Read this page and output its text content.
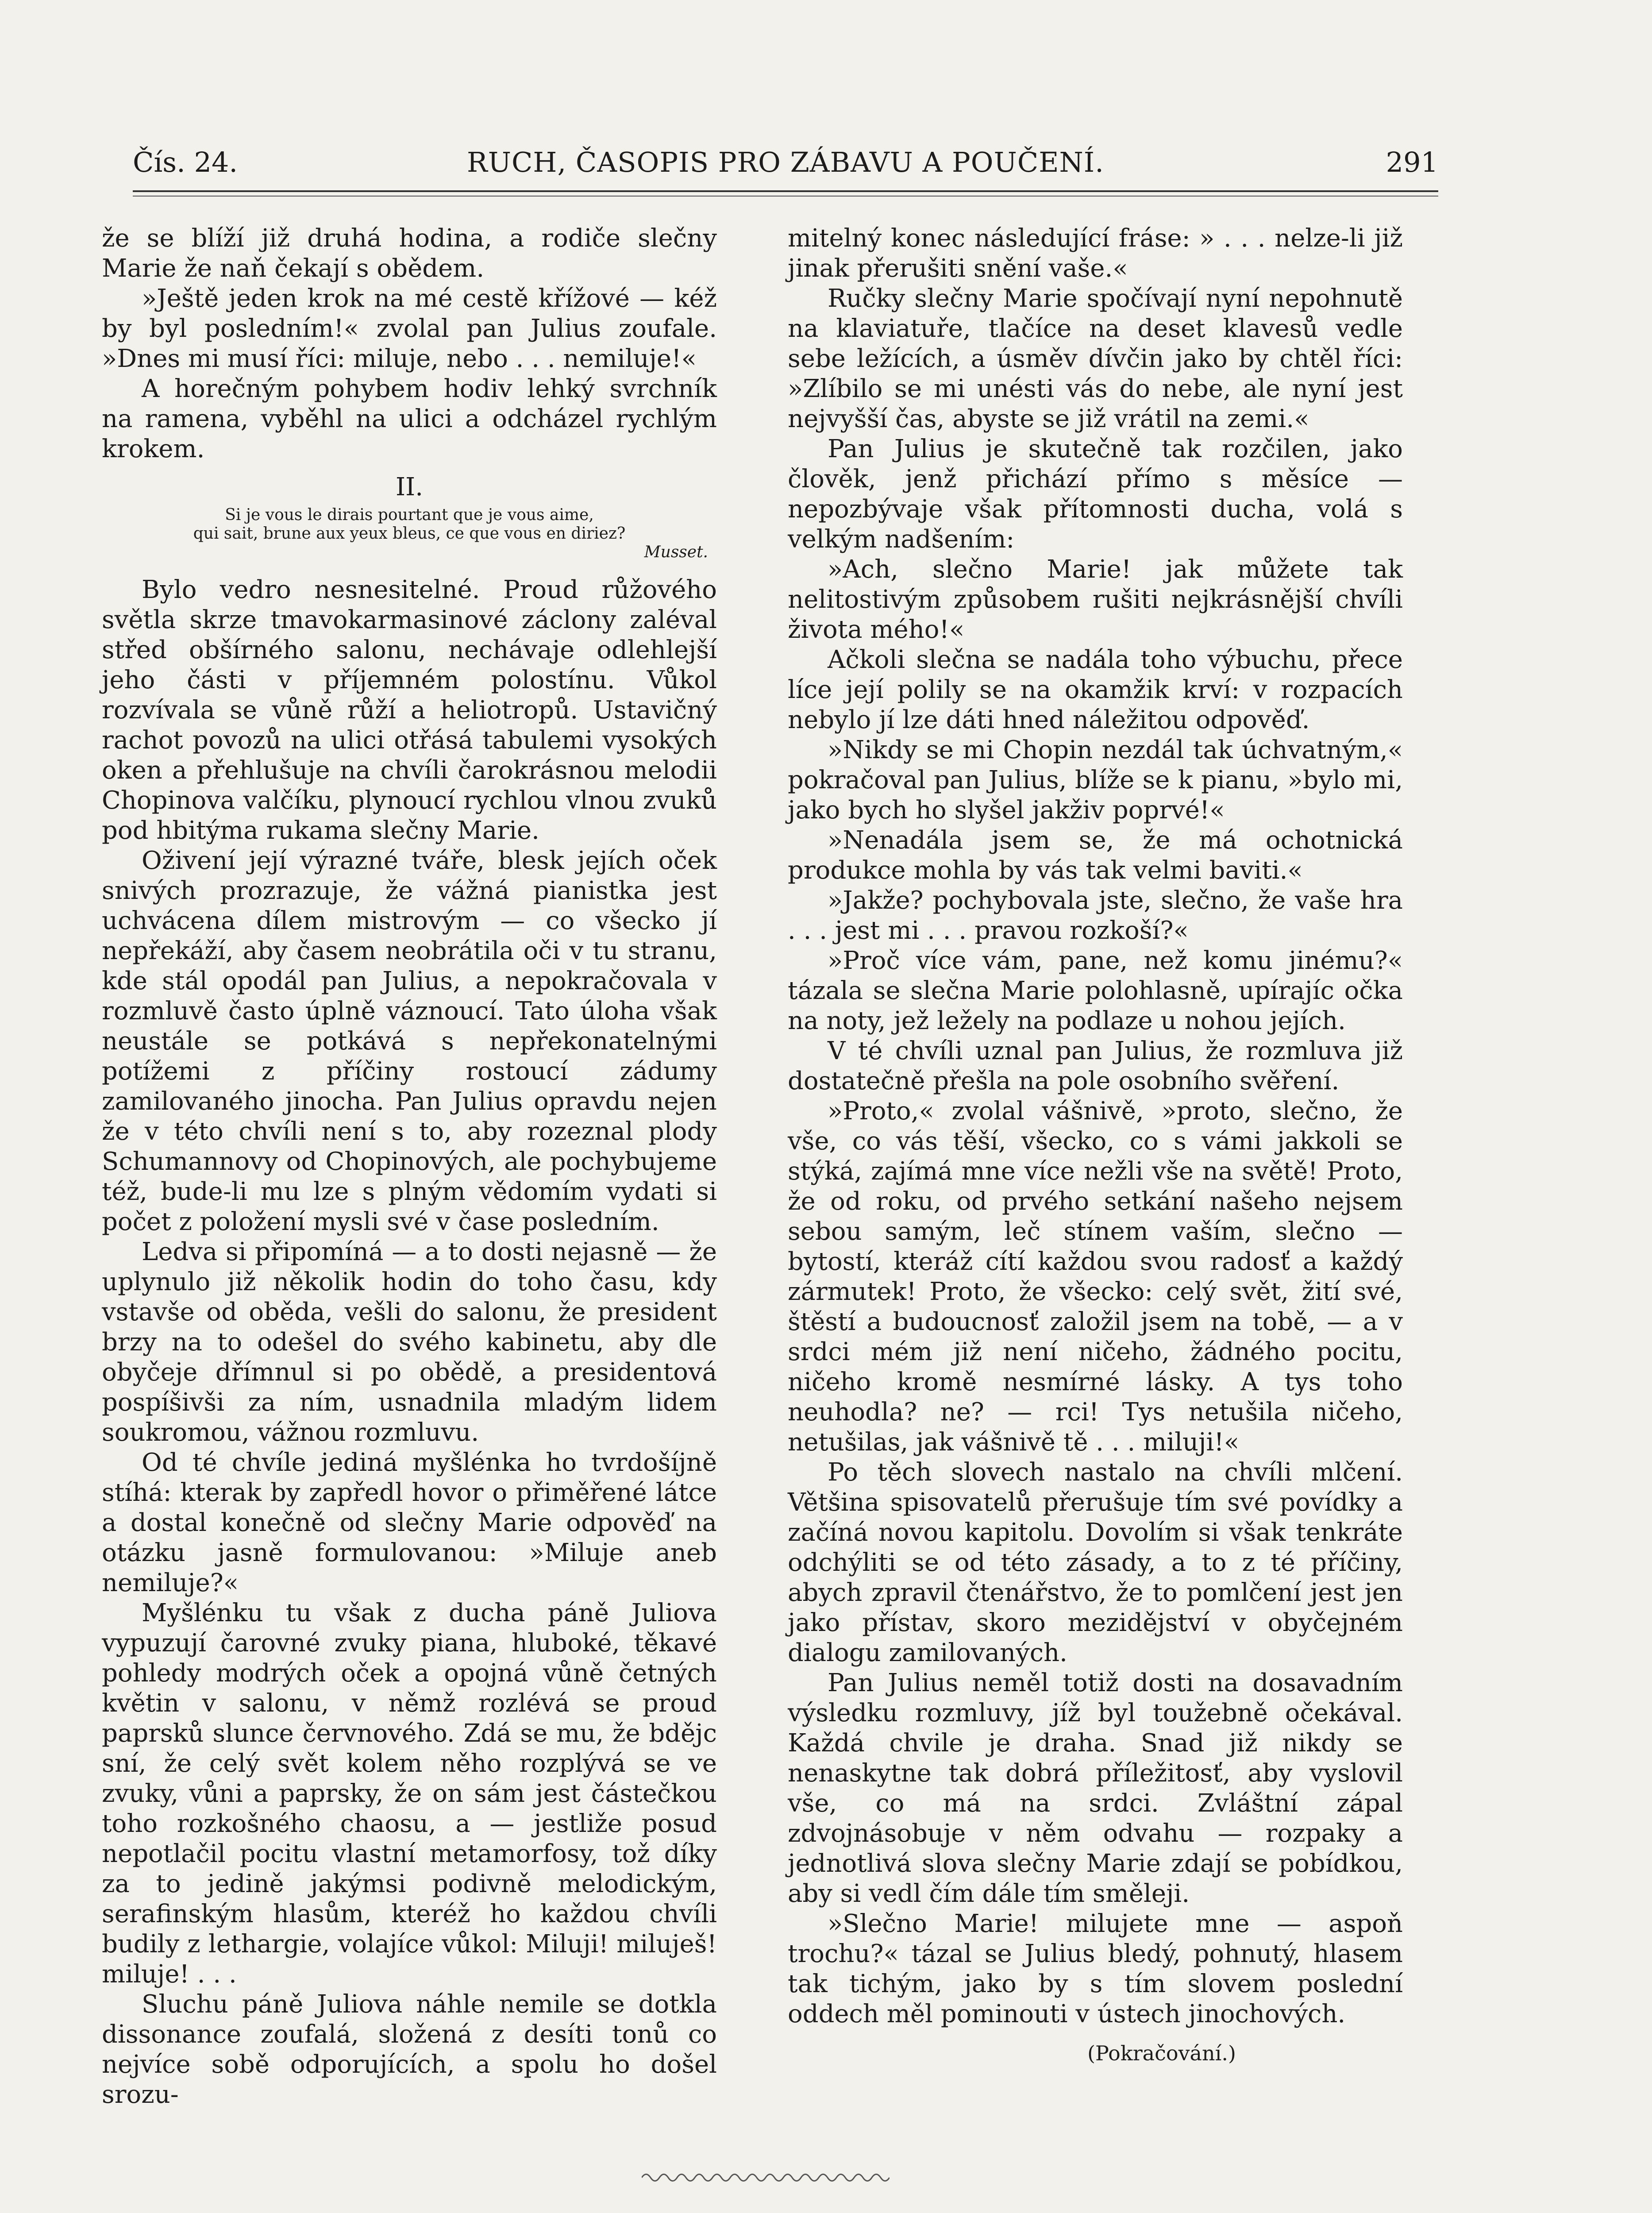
Čís. 24.	RUCH, ČASOPIS PRO ZÁBAVU A POUČENÍ.	291

že se blíží již druhá hodina, a rodiče slečny Marie že naň čekají s obědem.

»Ještě jeden krok na mé cestě křížové — kéž by byl posledním!« zvolal pan Julius zoufale. »Dnes mi musí říci: miluje, nebo . . . nemiluje!«

A horečným pohybem hodiv lehký svrchník na ramena, vyběhl na ulici a odcházel rychlým krokem.

II.
Si je vous le dirais pourtant que je vous aime,
qui sait, brune aux yeux bleus, ce que vous en diriez?
Musset.

Bylo vedro nesnesitelné. Proud růžového světla skrze tmavokarmasinové záclony zaléval střed obšírného salonu, nechávaje odlehlejší jeho části v příjemném polostínu. Vůkol rozvívala se vůně růží a heliotropů. Ustavičný rachot povozů na ulici otřásá tabulemi vysokých oken a přehlušuje na chvíli čarokrásnou melodii Chopinova valčíku, plynoucí rychlou vlnou zvuků pod hbitýma rukama slečny Marie.

Oživení její výrazné tváře, blesk jejích oček snivých prozrazuje, že vážná pianistka jest uchvácena dílem mistrovým — co všecko jí nepřekáží, aby časem neobrátila oči v tu stranu, kde stál opodál pan Julius, a nepokračovala v rozmluvě často úplně váznoucí. Tato úloha však neustále se potkává s nepřekonatelnými potížemi z příčiny rostoucí zádumy zamilovaného jinocha. Pan Julius opravdu nejen že v této chvíli není s to, aby rozeznal plody Schumannovy od Chopinových, ale pochybujeme též, bude-li mu lze s plným vědomím vydati si počet z položení mysli své v čase posledním.

Ledva si připomíná — a to dosti nejasně — že uplynulo již několik hodin do toho času, kdy vstavše od oběda, vešli do salonu, že president brzy na to odešel do svého kabinetu, aby dle obyčeje dřímnul si po obědě, a presidentová pospíšivši za ním, usnadnila mladým lidem soukromou, vážnou rozmluvu.

Od té chvíle jediná myšlénka ho tvrdošíjně stíhá: kterak by zapředl hovor o přiměřené látce a dostal konečně od slečny Marie odpověď na otázku jasně formulovanou: »Miluje aneb nemiluje?«

Myšlénku tu však z ducha páně Juliova vypuzují čarovné zvuky piana, hluboké, těkavé pohledy modrých oček a opojná vůně četných květin v salonu, v němž rozlévá se proud paprsků slunce červnového. Zdá se mu, že bdějc sní, že celý svět kolem něho rozplývá se ve zvuky, vůni a paprsky, že on sám jest částečkou toho rozkošného chaosu, a — jestliže posud nepotlačil pocitu vlastní metamorfosy, tož díky za to jedině jakýmsi podivně melodickým, serafinským hlasům, kteréž ho každou chvíli budily z lethargie, volajíce vůkol: Miluji! miluješ! miluje! . . .

Sluchu páně Juliova náhle nemile se dotkla dissonance zoufalá, složená z desíti tonů co nejvíce sobě odporujících, a spolu ho došel srozu-

mitelný konec následující fráse: » . . . nelze-li již jinak přerušiti snění vaše.«

Ručky slečny Marie spočívají nyní nepohnutě na klaviatuře, tlačíce na deset klavesů vedle sebe ležících, a úsměv dívčin jako by chtěl říci: »Zlíbilo se mi unésti vás do nebe, ale nyní jest nejvyšší čas, abyste se již vrátil na zemi.«

Pan Julius je skutečně tak rozčilen, jako člověk, jenž přichází přímo s měsíce — nepozbývaje však přítomnosti ducha, volá s velkým nadšením:

»Ach, slečno Marie! jak můžete tak nelitostivým způsobem rušiti nejkrásnější chvíli života mého!«

Ačkoli slečna se nadála toho výbuchu, přece líce její polily se na okamžik krví: v rozpacích nebylo jí lze dáti hned náležitou odpověď.

»Nikdy se mi Chopin nezdál tak úchvatným,« pokračoval pan Julius, blíže se k pianu, »bylo mi, jako bych ho slyšel jakživ poprvé!«

»Nenadála jsem se, že má ochotnická produkce mohla by vás tak velmi baviti.«

»Jakže? pochybovala jste, slečno, že vaše hra . . . jest mi . . . pravou rozkoší?«

»Proč více vám, pane, než komu jinému?« tázala se slečna Marie polohlasně, upírajíc očka na noty, jež ležely na podlaze u nohou jejích.

V té chvíli uznal pan Julius, že rozmluva již dostatečně přešla na pole osobního svěření.

»Proto,« zvolal vášnivě, »proto, slečno, že vše, co vás těší, všecko, co s vámi jakkoli se stýká, zajímá mne více nežli vše na světě! Proto, že od roku, od prvého setkání našeho nejsem sebou samým, leč stínem vaším, slečno — bytostí, kteráž cítí každou svou radosť a každý zármutek! Proto, že všecko: celý svět, žití své, štěstí a budoucnosť založil jsem na tobě, — a v srdci mém již není ničeho, žádného pocitu, ničeho kromě nesmírné lásky. A tys toho neuhodla? ne? — rci! Tys netušila ničeho, netušilas, jak vášnivě tě . . . miluji!«

Po těch slovech nastalo na chvíli mlčení. Většina spisovatelů přerušuje tím své povídky a začíná novou kapitolu. Dovolím si však tenkráte odchýliti se od této zásady, a to z té příčiny, abych zpravil čtenářstvo, že to pomlčení jest jen jako přístav, skoro mezidějství v obyčejném dialogu zamilovaných.

Pan Julius neměl totiž dosti na dosavadním výsledku rozmluvy, jíž byl toužebně očekával. Každá chvile je draha. Snad již nikdy se nenaskytne tak dobrá příležitosť, aby vyslovil vše, co má na srdci. Zvláštní zápal zdvojnásobuje v něm odvahu — rozpaky a jednotlivá slova slečny Marie zdají se pobídkou, aby si vedl čím dále tím směleji.

»Slečno Marie! milujete mne — aspoň trochu?« tázal se Julius bledý, pohnutý, hlasem tak tichým, jako by s tím slovem poslední oddech měl pominouti v ústech jinochových.

(Pokračování.)
